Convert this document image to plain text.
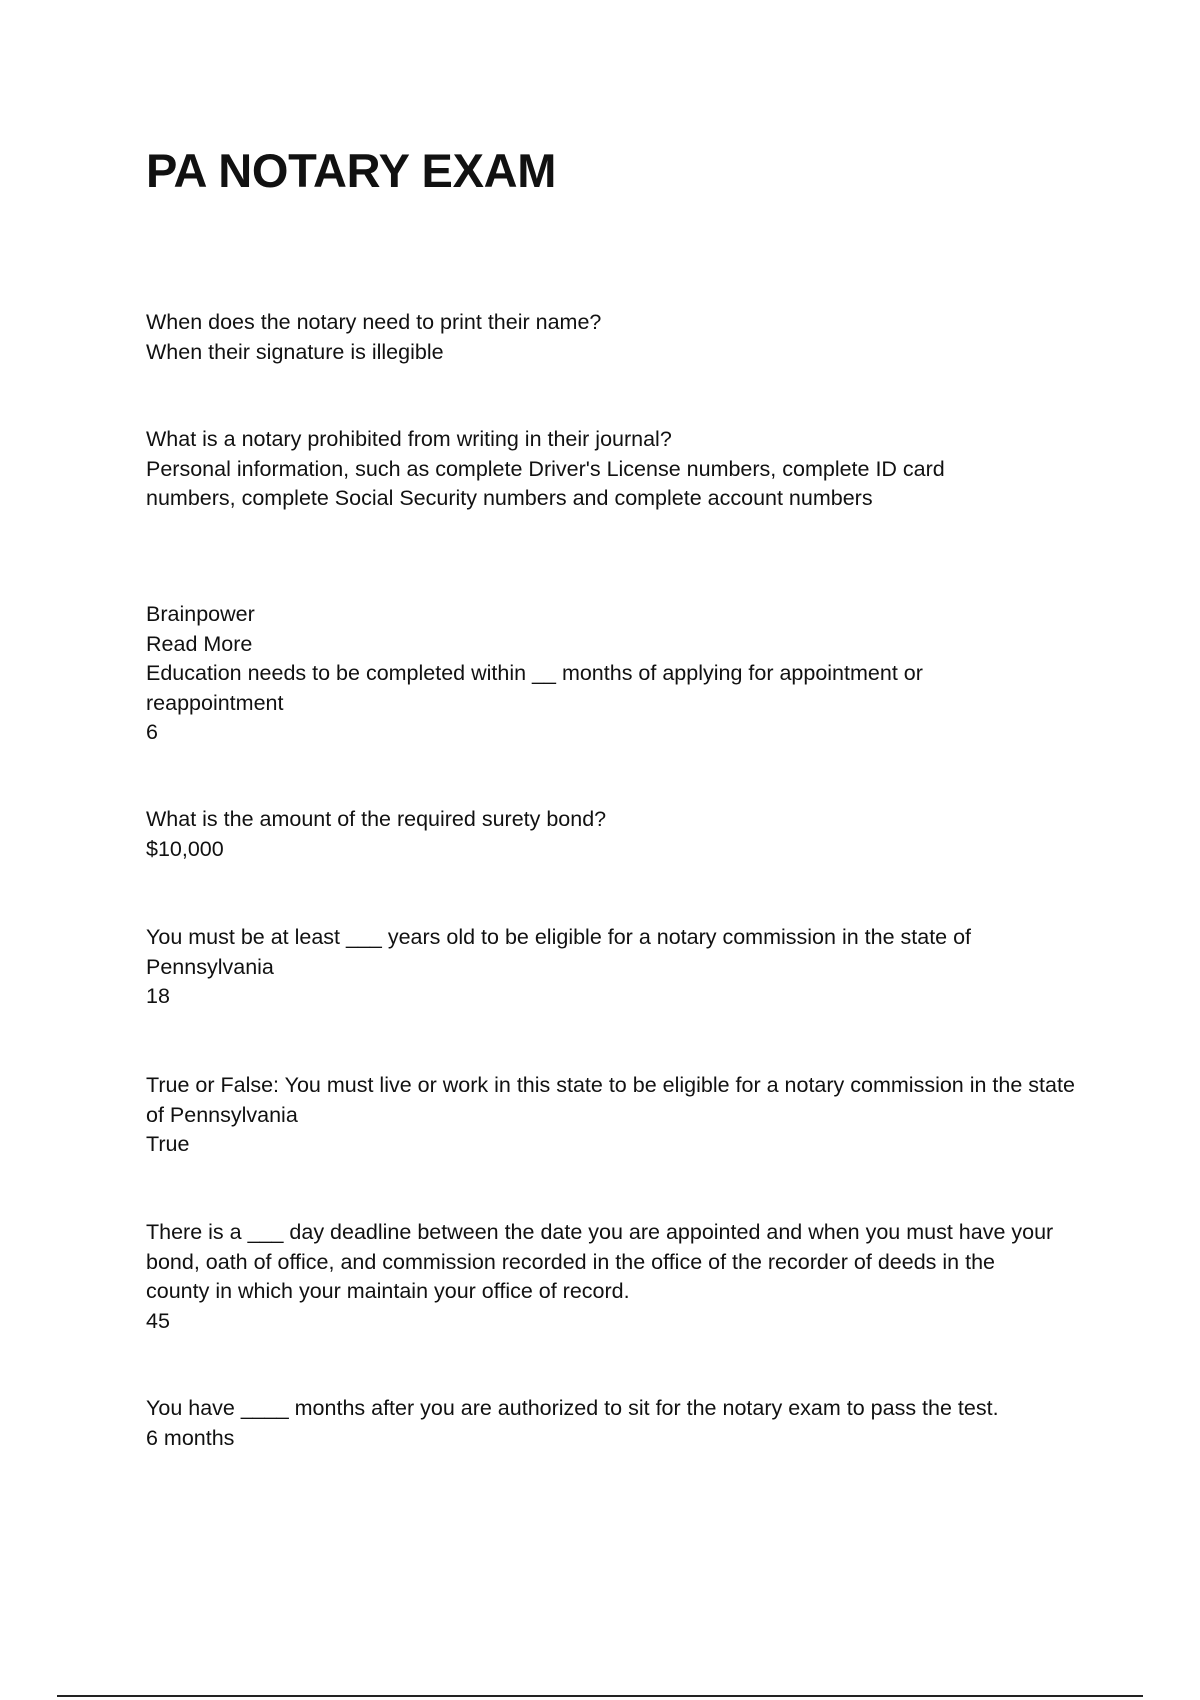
PA NOTARY EXAM
When does the notary need to print their name?
When their signature is illegible
What is a notary prohibited from writing in their journal?
Personal information, such as complete Driver's License numbers, complete ID card numbers, complete Social Security numbers and complete account numbers
Brainpower
Read More
Education needs to be completed within __ months of applying for appointment or reappointment
6
What is the amount of the required surety bond?
$10,000
You must be at least ___ years old to be eligible for a notary commission in the state of Pennsylvania
18
True or False: You must live or work in this state to be eligible for a notary commission in the state of Pennsylvania
True
There is a ___ day deadline between the date you are appointed and when you must have your bond, oath of office, and commission recorded in the office of the recorder of deeds in the county in which your maintain your office of record.
45
You have ____ months after you are authorized to sit for the notary exam to pass the test.
6 months
